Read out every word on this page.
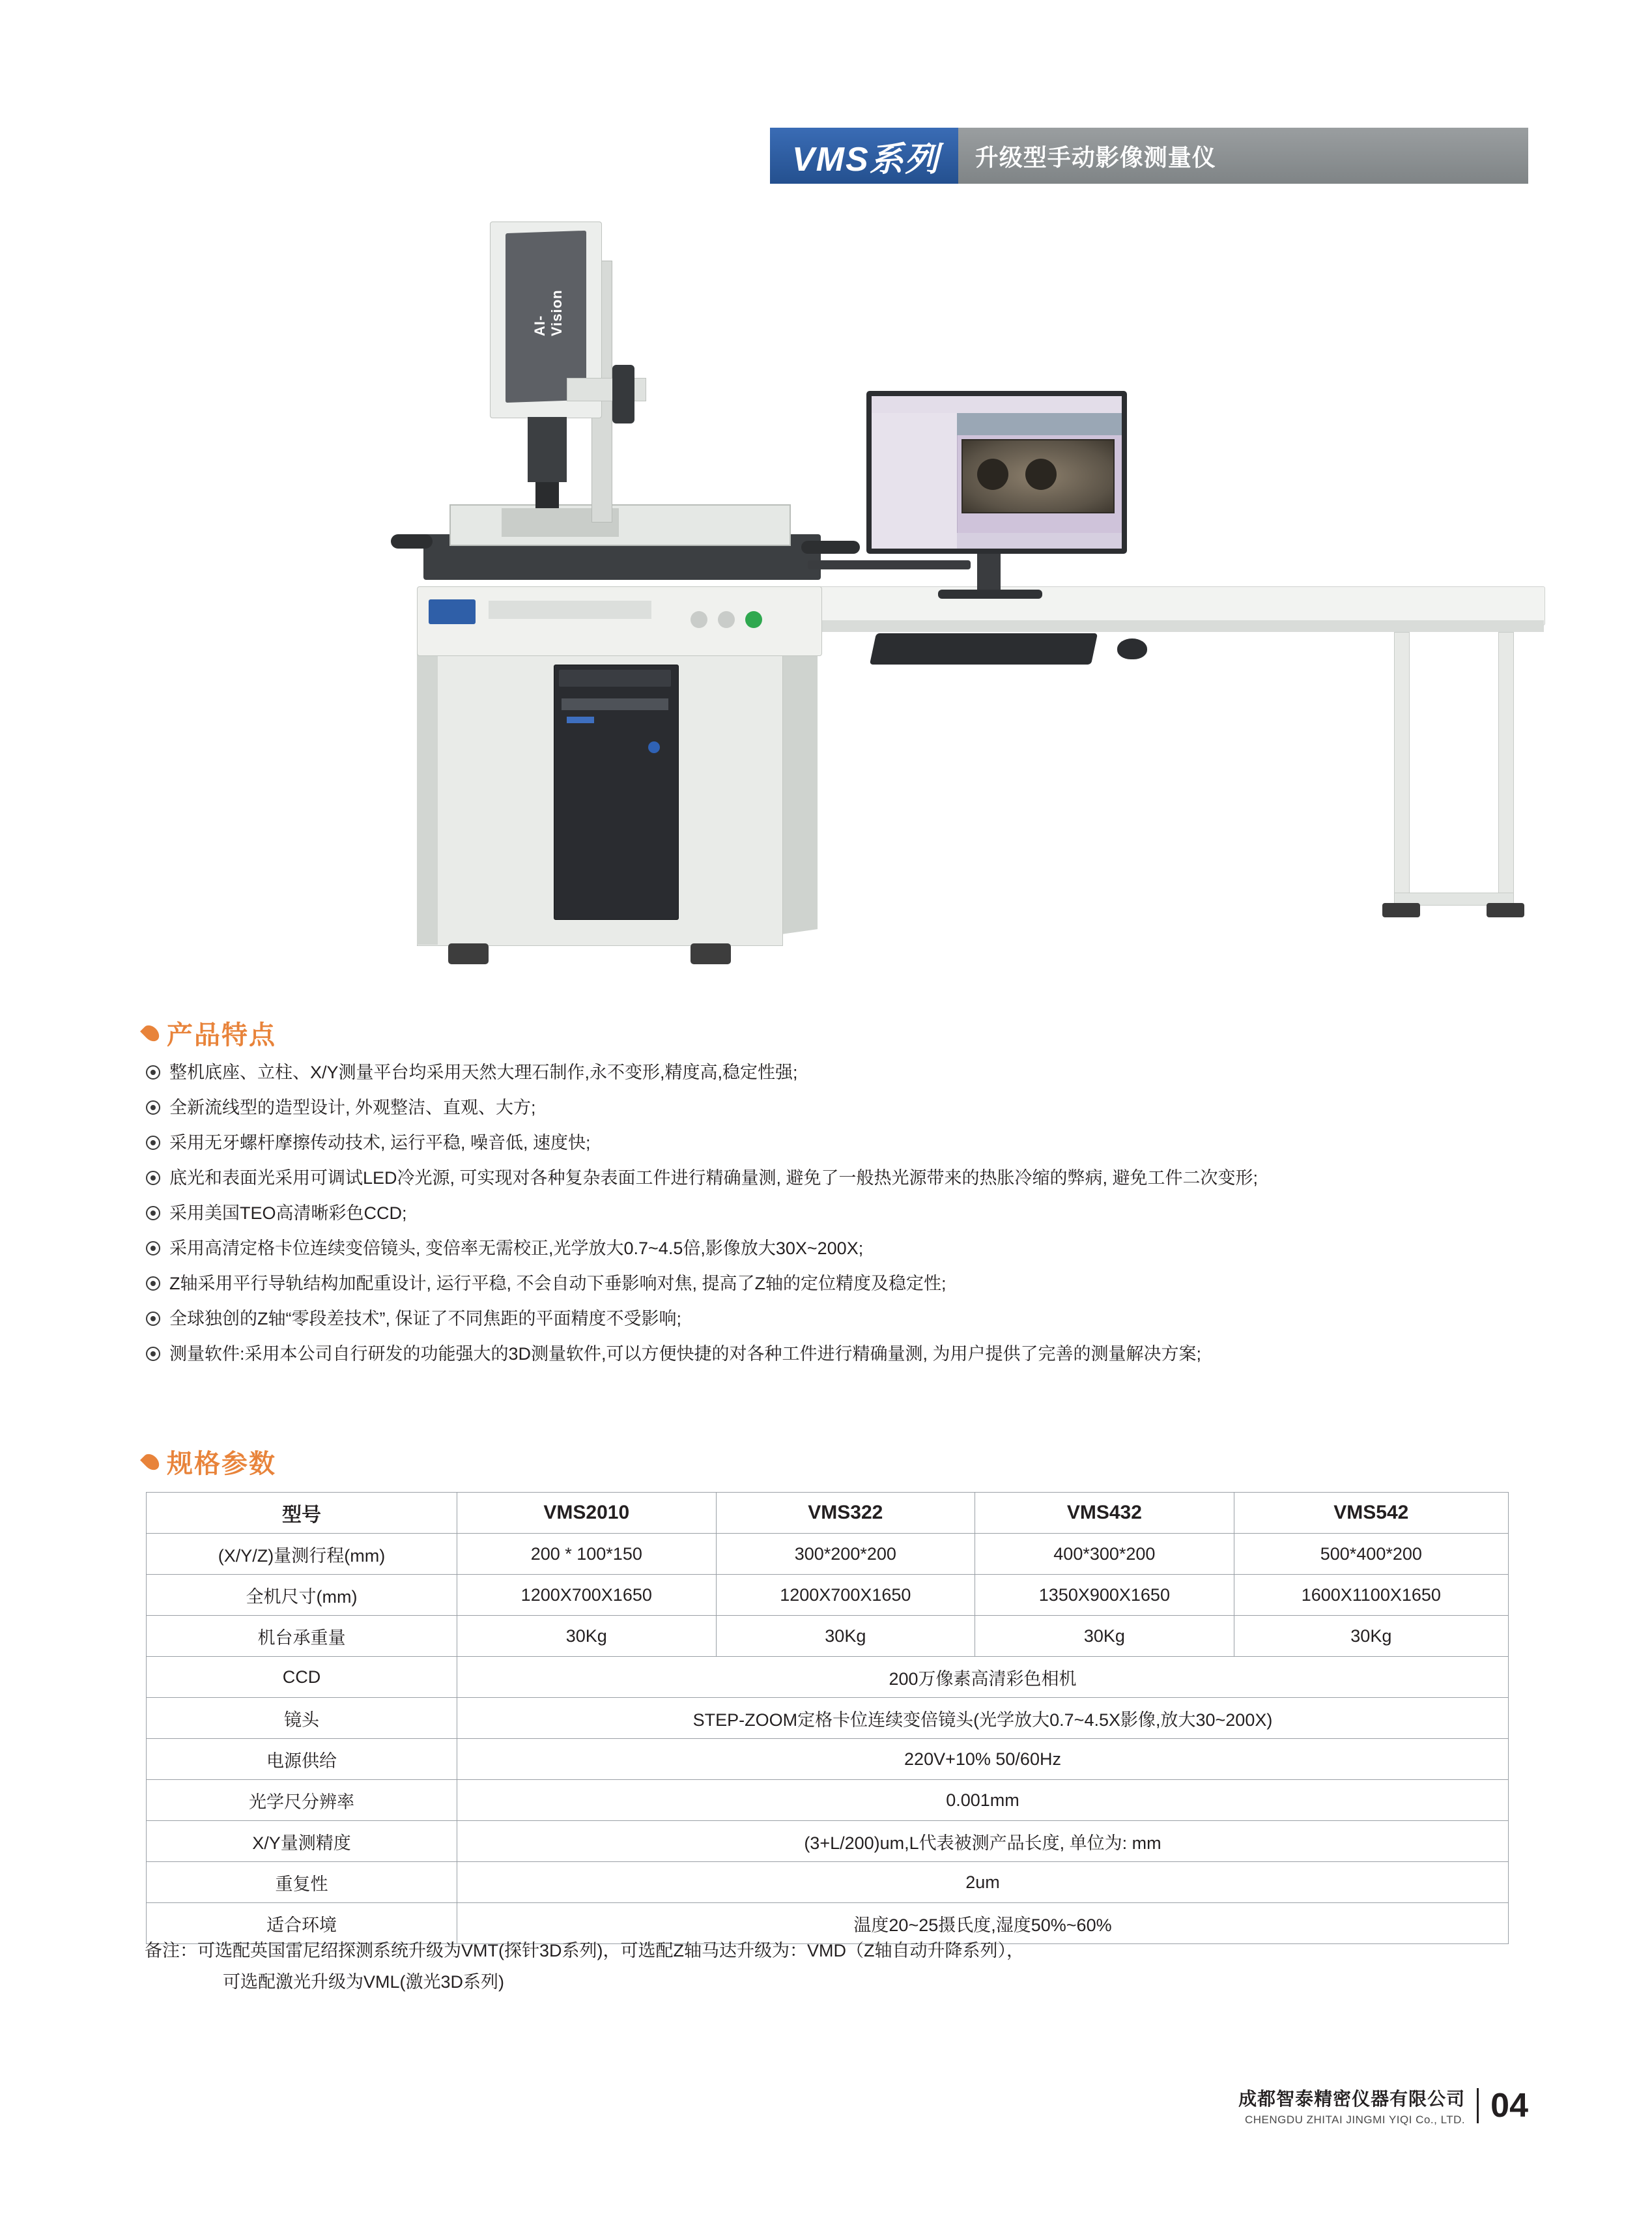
VMS系列	升级型手动影像测量仪
AI-Vision
产品特点
整机底座、立柱、X/Y测量平台均采用天然大理石制作,永不变形,精度高,稳定性强;
全新流线型的造型设计, 外观整洁、直观、大方;
采用无牙螺杆摩擦传动技术, 运行平稳, 噪音低, 速度快;
底光和表面光采用可调试LED冷光源, 可实现对各种复杂表面工件进行精确量测, 避免了一般热光源带来的热胀冷缩的弊病, 避免工件二次变形;
采用美国TEO高清晰彩色CCD;
采用高清定格卡位连续变倍镜头, 变倍率无需校正,光学放大0.7~4.5倍,影像放大30X~200X;
Z轴采用平行导轨结构加配重设计, 运行平稳, 不会自动下垂影响对焦, 提高了Z轴的定位精度及稳定性;
全球独创的Z轴“零段差技术”, 保证了不同焦距的平面精度不受影响;
测量软件:采用本公司自行研发的功能强大的3D测量软件,可以方便快捷的对各种工件进行精确量测, 为用户提供了完善的测量解决方案;
规格参数
型号	VMS2010	VMS322	VMS432	VMS542
(X/Y/Z)量测行程(mm)	200 * 100*150	300*200*200	400*300*200	500*400*200
全机尺寸(mm)	1200X700X1650	1200X700X1650	1350X900X1650	1600X1100X1650
机台承重量	30Kg	30Kg	30Kg	30Kg
CCD	200万像素高清彩色相机			
镜头	STEP-ZOOM定格卡位连续变倍镜头(光学放大0.7~4.5X影像,放大30~200X)			
电源供给	220V+10% 50/60Hz			
光学尺分辨率	0.001mm			
X/Y量测精度	(3+L/200)um,L代表被测产品长度, 单位为: mm			
重复性	2um			
适合环境	温度20~25摄氏度,湿度50%~60%			
备注：可选配英国雷尼绍探测系统升级为VMT(探针3D系列)，可选配Z轴马达升级为：VMD（Z轴自动升降系列），
可选配激光升级为VML(激光3D系列)
成都智泰精密仪器有限公司
CHENGDU ZHITAI JINGMI YIQI Co., LTD. 04
